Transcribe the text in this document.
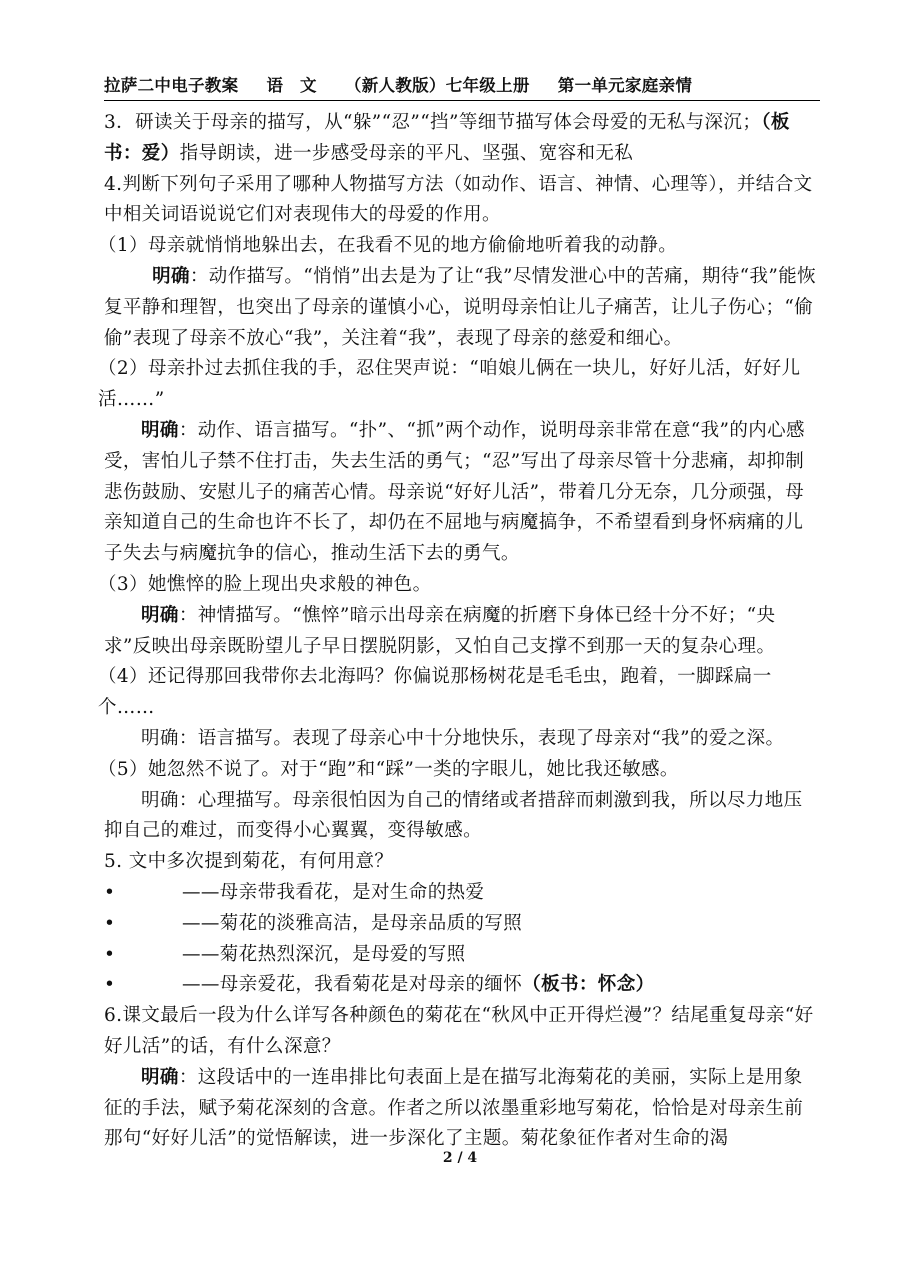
拉萨二中电子教案 语　文 （新人教版）七年级上册 第一单元家庭亲情

3．研读关于母亲的描写，从“躲”“忍”“挡”等细节描写体会母爱的无私与深沉；（板书：爱）指导朗读，进一步感受母亲的平凡、坚强、宽容和无私

4.判断下列句子采用了哪种人物描写方法（如动作、语言、神情、心理等），并结合文中相关词语说说它们对表现伟大的母爱的作用。

（1）母亲就悄悄地躲出去，在我看不见的地方偷偷地听着我的动静。

明确：动作描写。“悄悄”出去是为了让“我”尽情发泄心中的苦痛，期待“我”能恢复平静和理智，也突出了母亲的谨慎小心，说明母亲怕让儿子痛苦，让儿子伤心；“偷偷”表现了母亲不放心“我”，关注着“我”，表现了母亲的慈爱和细心。

（2）母亲扑过去抓住我的手，忍住哭声说：“咱娘儿俩在一块儿，好好儿活，好好儿活……”

明确：动作、语言描写。“扑”、“抓”两个动作，说明母亲非常在意“我”的内心感受，害怕儿子禁不住打击，失去生活的勇气；“忍”写出了母亲尽管十分悲痛，却抑制悲伤鼓励、安慰儿子的痛苦心情。母亲说“好好儿活”，带着几分无奈，几分顽强，母亲知道自己的生命也许不长了，却仍在不屈地与病魔搞争，不希望看到身怀病痛的儿子失去与病魔抗争的信心，推动生活下去的勇气。

（3）她憔悴的脸上现出央求般的神色。

明确：神情描写。“憔悴”暗示出母亲在病魔的折磨下身体已经十分不好；“央求”反映出母亲既盼望儿子早日摆脱阴影，又怕自己支撑不到那一天的复杂心理。

（4）还记得那回我带你去北海吗？你偏说那杨树花是毛毛虫，跑着，一脚踩扁一个……

明确：语言描写。表现了母亲心中十分地快乐，表现了母亲对“我”的爱之深。

（5）她忽然不说了。对于“跑”和“踩”一类的字眼儿，她比我还敏感。

明确：心理描写。母亲很怕因为自己的情绪或者措辞而刺激到我，所以尽力地压抑自己的难过，而变得小心翼翼，变得敏感。

5. 文中多次提到菊花，有何用意？

•	——母亲带我看花，是对生命的热爱
•	——菊花的淡雅高洁，是母亲品质的写照
•	——菊花热烈深沉，是母爱的写照
•	——母亲爱花，我看菊花是对母亲的缅怀（板书：怀念）

6.课文最后一段为什么详写各种颜色的菊花在“秋风中正开得烂漫”？结尾重复母亲“好好儿活”的话，有什么深意？

明确：这段话中的一连串排比句表面上是在描写北海菊花的美丽，实际上是用象征的手法，赋予菊花深刻的含意。作者之所以浓墨重彩地写菊花，恰恰是对母亲生前那句“好好儿活”的觉悟解读，进一步深化了主题。菊花象征作者对生命的渴

2 / 4
